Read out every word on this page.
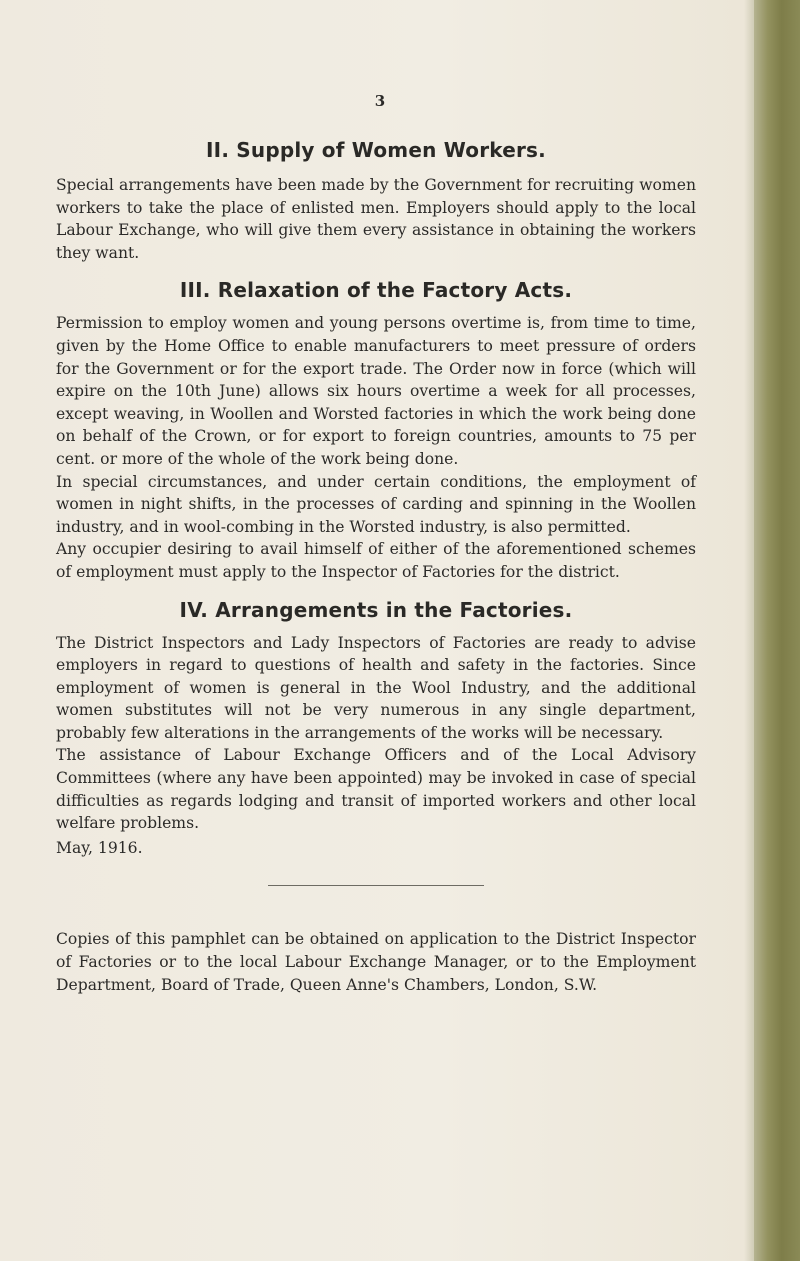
3
II. Supply of Women Workers.

Special arrangements have been made by the Government for recruiting women workers to take the place of enlisted men. Employers should apply to the local Labour Exchange, who will give them every assistance in obtaining the workers they want.

III. Relaxation of the Factory Acts.

Permission to employ women and young persons overtime is, from time to time, given by the Home Office to enable manufacturers to meet pressure of orders for the Government or for the export trade. The Order now in force (which will expire on the 10th June) allows six hours overtime a week for all processes, except weaving, in Woollen and Worsted factories in which the work being done on behalf of the Crown, or for export to foreign countries, amounts to 75 per cent. or more of the whole of the work being done.

In special circumstances, and under certain conditions, the employment of women in night shifts, in the processes of carding and spinning in the Woollen industry, and in wool-combing in the Worsted industry, is also permitted.

Any occupier desiring to avail himself of either of the aforementioned schemes of employment must apply to the Inspector of Factories for the district.

IV. Arrangements in the Factories.

The District Inspectors and Lady Inspectors of Factories are ready to advise employers in regard to questions of health and safety in the factories. Since employment of women is general in the Wool Industry, and the additional women substitutes will not be very numerous in any single department, probably few alterations in the arrangements of the works will be necessary.

The assistance of Labour Exchange Officers and of the Local Advisory Committees (where any have been appointed) may be invoked in case of special difficulties as regards lodging and transit of imported workers and other local welfare problems.

May, 1916.

Copies of this pamphlet can be obtained on application to the District Inspector of Factories or to the local Labour Exchange Manager, or to the Employment Department, Board of Trade, Queen Anne's Chambers, London, S.W.
